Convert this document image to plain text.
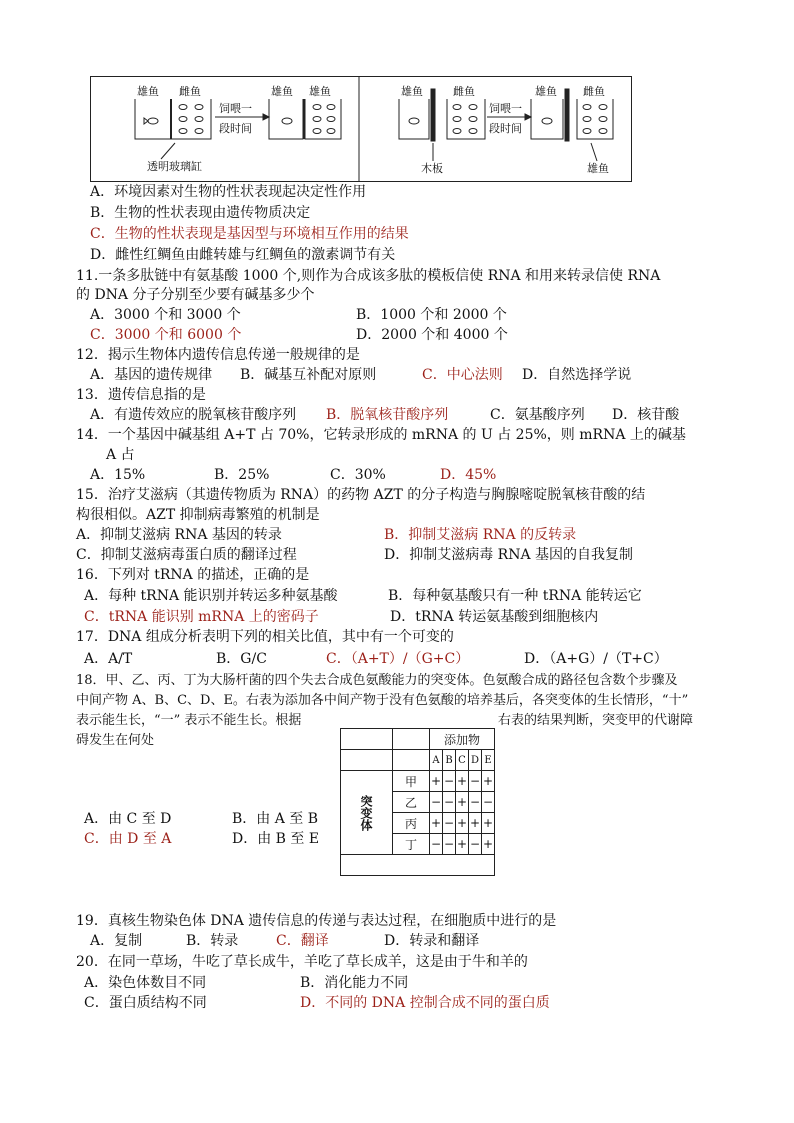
雄鱼 雌鱼
饲喂一
段时间
雄鱼 雄鱼
透明玻璃缸
雄鱼	雌鱼
饲喂一
段时间
雄鱼 雌鱼
木板	雄鱼
A．环境因素对生物的性状表现起决定性作用
B．生物的性状表现由遗传物质决定
C．生物的性状表现是基因型与环境相互作用的结果
D．雌性红鲷鱼由雌转雄与红鲷鱼的激素调节有关
11.一条多肽链中有氨基酸 1000 个,则作为合成该多肽的模板信使 RNA 和用来转录信使 RNA
的 DNA 分子分别至少要有碱基多少个
A．3000 个和 3000 个	B．1000 个和 2000 个
C．3000 个和 6000 个	D．2000 个和 4000 个
12．揭示生物体内遗传信息传递一般规律的是
A．基因的遗传规律 B．碱基互补配对原则	C．中心法则 D．自然选择学说
13．遗传信息指的是
A．有遗传效应的脱氧核苷酸序列 B．脱氧核苷酸序列	C．氨基酸序列 D．核苷酸
14．一个基因中碱基组 A+T 占 70%，它转录形成的 mRNA 的 U 占 25%，则 mRNA 上的碱基
A 占
A．15%	B．25%	C．30%	D．45%
15．治疗艾滋病（其遗传物质为 RNA）的药物 AZT 的分子构造与胸腺嘧啶脱氧核苷酸的结
构很相似。AZT 抑制病毒繁殖的机制是
A．抑制艾滋病 RNA 基因的转录	B．抑制艾滋病 RNA 的反转录
C．抑制艾滋病毒蛋白质的翻译过程	D．抑制艾滋病毒 RNA 基因的自我复制
16．下列对 tRNA 的描述，正确的是
A．每种 tRNA 能识别并转运多种氨基酸	B．每种氨基酸只有一种 tRNA 能转运它
C．tRNA 能识别 mRNA 上的密码子	D．tRNA 转运氨基酸到细胞核内
17．DNA 组成分析表明下列的相关比值，其中有一个可变的
A．A/T	B．G/C	C．（A+T）/（G+C）	D．（A+G）/（T+C）
18．甲、乙、丙、丁为大肠杆菌的四个失去合成色氨酸能力的突变体。色氨酸合成的路径包含数个步骤及
中间产物 A、B、C、D、E。右表为添加各中间产物于没有色氨酸的培养基后，各突变体的生长情形，“十”
表示能生长，“一” 表示不能生长。根据	右表的结果判断，突变甲的代谢障
碍发生在何处
			添加物				
		A	B	C	D	E
突变体	甲	+	−	+	−	+
	乙	−	−	+	−	−
	丙	+	−	+	+	+
	丁	−	−	+	−	+

A．由 C 至 D	B．由 A 至 B
C．由 D 至 A	D．由 B 至 E
19．真核生物染色体 DNA 遗传信息的传递与表达过程，在细胞质中进行的是
A．复制	B．转录	C．翻译	D．转录和翻译
20．在同一草场，牛吃了草长成牛，羊吃了草长成羊，这是由于牛和羊的
A．染色体数目不同	B．消化能力不同
C．蛋白质结构不同	D．不同的 DNA 控制合成不同的蛋白质
